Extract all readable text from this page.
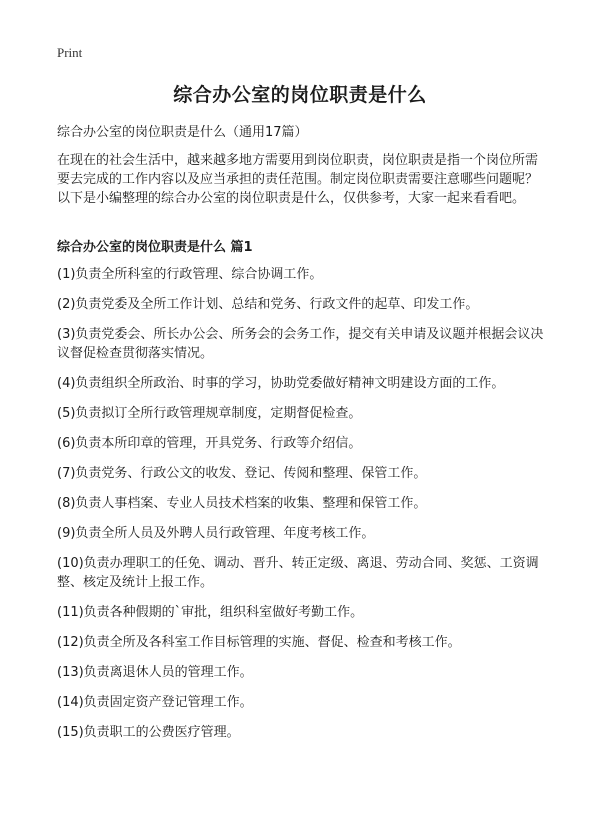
Print
综合办公室的岗位职责是什么
综合办公室的岗位职责是什么（通用17篇）
在现在的社会生活中，越来越多地方需要用到岗位职责，岗位职责是指一个岗位所需要去完成的工作内容以及应当承担的责任范围。制定岗位职责需要注意哪些问题呢？以下是小编整理的综合办公室的岗位职责是什么，仅供参考，大家一起来看看吧。
综合办公室的岗位职责是什么 篇1
(1)负责全所科室的行政管理、综合协调工作。
(2)负责党委及全所工作计划、总结和党务、行政文件的起草、印发工作。
(3)负责党委会、所长办公会、所务会的会务工作，提交有关申请及议题并根据会议决议督促检查贯彻落实情况。
(4)负责组织全所政治、时事的学习，协助党委做好精神文明建设方面的工作。
(5)负责拟订全所行政管理规章制度，定期督促检查。
(6)负责本所印章的管理，开具党务、行政等介绍信。
(7)负责党务、行政公文的收发、登记、传阅和整理、保管工作。
(8)负责人事档案、专业人员技术档案的收集、整理和保管工作。
(9)负责全所人员及外聘人员行政管理、年度考核工作。
(10)负责办理职工的任免、调动、晋升、转正定级、离退、劳动合同、奖惩、工资调整、核定及统计上报工作。
(11)负责各种假期的`审批，组织科室做好考勤工作。
(12)负责全所及各科室工作目标管理的实施、督促、检查和考核工作。
(13)负责离退休人员的管理工作。
(14)负责固定资产登记管理工作。
(15)负责职工的公费医疗管理。
